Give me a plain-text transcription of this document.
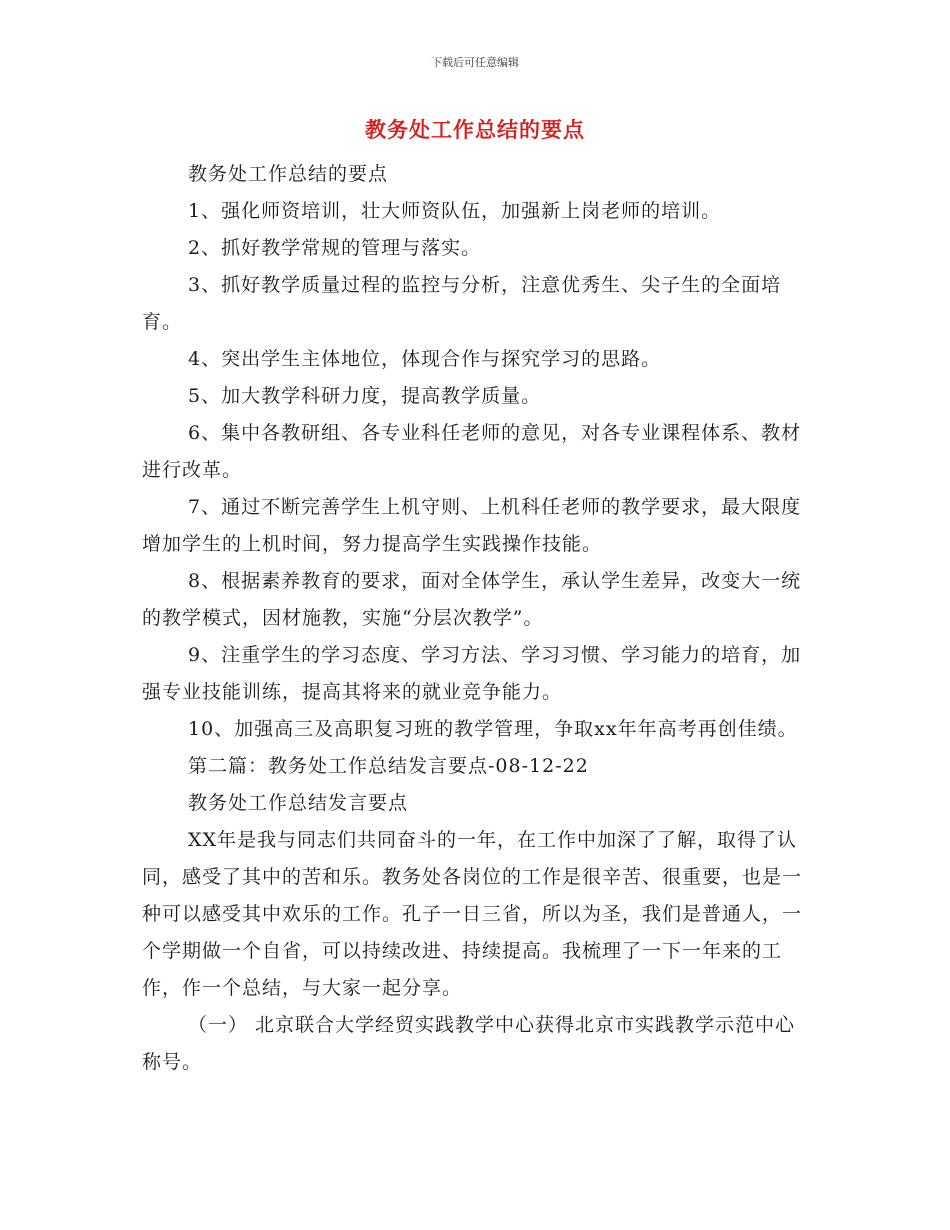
下载后可任意编辑
教务处工作总结的要点

教务处工作总结的要点

1、强化师资培训，壮大师资队伍，加强新上岗老师的培训。

2、抓好教学常规的管理与落实。

3、抓好教学质量过程的监控与分析，注意优秀生、尖子生的全面培育。

4、突出学生主体地位，体现合作与探究学习的思路。

5、加大教学科研力度，提高教学质量。

6、集中各教研组、各专业科任老师的意见，对各专业课程体系、教材进行改革。

7、通过不断完善学生上机守则、上机科任老师的教学要求，最大限度增加学生的上机时间，努力提高学生实践操作技能。

8、根据素养教育的要求，面对全体学生，承认学生差异，改变大一统的教学模式，因材施教，实施“分层次教学”。

9、注重学生的学习态度、学习方法、学习习惯、学习能力的培育，加强专业技能训练，提高其将来的就业竞争能力。

10、加强高三及高职复习班的教学管理，争取xx年年高考再创佳绩。

第二篇：教务处工作总结发言要点-08-12-22

教务处工作总结发言要点

XX年是我与同志们共同奋斗的一年，在工作中加深了了解，取得了认同，感受了其中的苦和乐。教务处各岗位的工作是很辛苦、很重要，也是一种可以感受其中欢乐的工作。孔子一日三省，所以为圣，我们是普通人，一个学期做一个自省，可以持续改进、持续提高。我梳理了一下一年来的工作，作一个总结，与大家一起分享。

（一） 北京联合大学经贸实践教学中心获得北京市实践教学示范中心称号。
